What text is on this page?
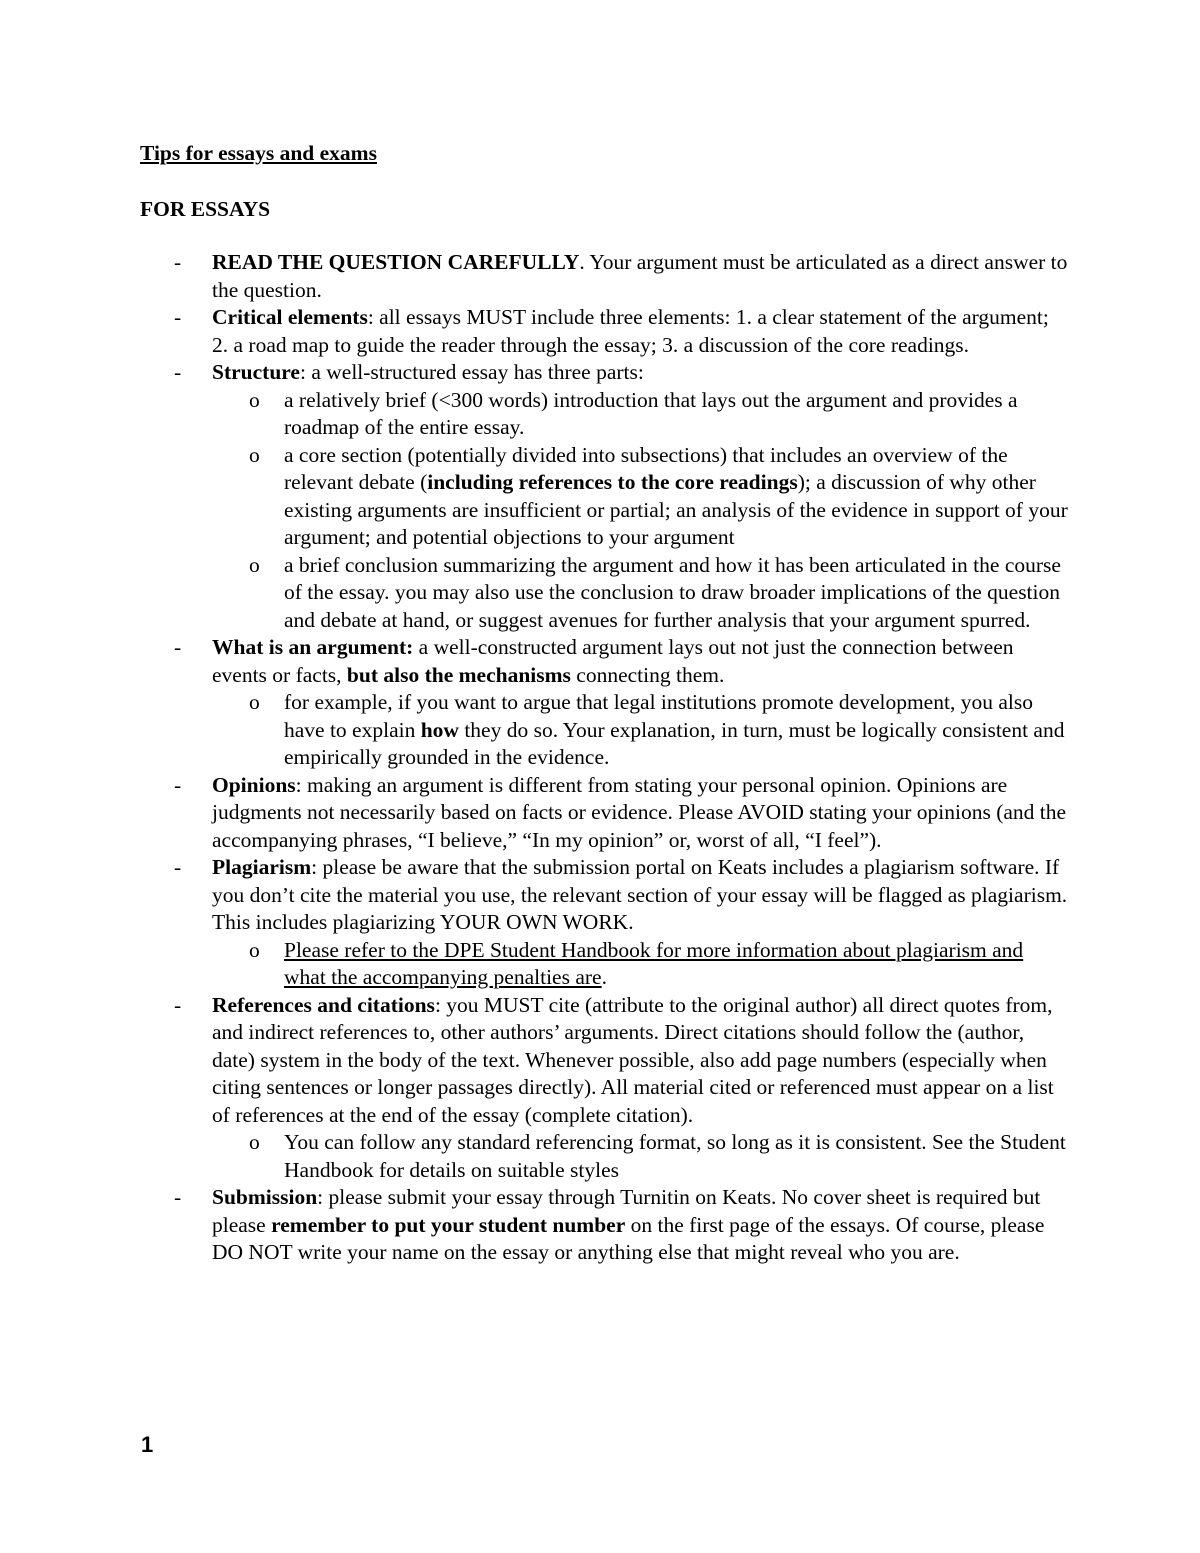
Tips for essays and exams
FOR ESSAYS
- READ THE QUESTION CAREFULLY. Your argument must be articulated as a direct answer to the question.
- Critical elements: all essays MUST include three elements: 1. a clear statement of the argument; 2. a road map to guide the reader through the essay; 3. a discussion of the core readings.
- Structure: a well-structured essay has three parts:
o a relatively brief (<300 words) introduction that lays out the argument and provides a roadmap of the entire essay.
o a core section (potentially divided into subsections) that includes an overview of the relevant debate (including references to the core readings); a discussion of why other existing arguments are insufficient or partial; an analysis of the evidence in support of your argument; and potential objections to your argument
o a brief conclusion summarizing the argument and how it has been articulated in the course of the essay. you may also use the conclusion to draw broader implications of the question and debate at hand, or suggest avenues for further analysis that your argument spurred.
- What is an argument: a well-constructed argument lays out not just the connection between events or facts, but also the mechanisms connecting them.
o for example, if you want to argue that legal institutions promote development, you also have to explain how they do so. Your explanation, in turn, must be logically consistent and empirically grounded in the evidence.
- Opinions: making an argument is different from stating your personal opinion. Opinions are judgments not necessarily based on facts or evidence. Please AVOID stating your opinions (and the accompanying phrases, “I believe,” “In my opinion” or, worst of all, “I feel”).
- Plagiarism: please be aware that the submission portal on Keats includes a plagiarism software. If you don’t cite the material you use, the relevant section of your essay will be flagged as plagiarism. This includes plagiarizing YOUR OWN WORK.
o Please refer to the DPE Student Handbook for more information about plagiarism and what the accompanying penalties are.
- References and citations: you MUST cite (attribute to the original author) all direct quotes from, and indirect references to, other authors’ arguments. Direct citations should follow the (author, date) system in the body of the text. Whenever possible, also add page numbers (especially when citing sentences or longer passages directly). All material cited or referenced must appear on a list of references at the end of the essay (complete citation).
o You can follow any standard referencing format, so long as it is consistent. See the Student Handbook for details on suitable styles
- Submission: please submit your essay through Turnitin on Keats. No cover sheet is required but please remember to put your student number on the first page of the essays. Of course, please DO NOT write your name on the essay or anything else that might reveal who you are.
1
